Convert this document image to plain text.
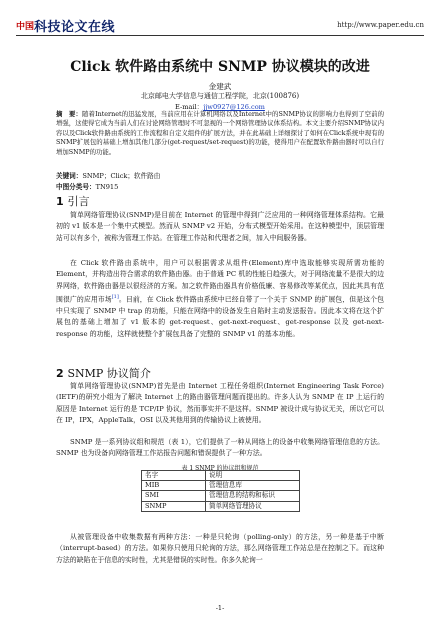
中国 科技论文在线	http://www.paper.edu.cn
Click 软件路由系统中 SNMP 协议模块的改进
金建武
北京邮电大学信息与通信工程学院，北京(100876)
E-mail：jjw0927@126.com
摘　要：随着Internet的迅猛发展，当前应用在计算机网络以及Internet中的SNMP协议的影响力也得到了空前的增强，这使得它成为当前人们在讨论网络管理时不可忽视的一个网络管理协议体系结构。本文主要介绍SNMP协议内容以及Click软件路由系统的工作流程和自定义组件的扩展方法，并在此基础上详细探讨了如何在Click系统中现有的SNMP扩展包的基础上增加其他几部分(get-request/set-request)的功能，使得用户在配置软件路由器时可以自行增加SNMP的功能。
关键词：SNMP；Click；软件路由
中图分类号：TN915
1 引言

简单网络管理协议(SNMP)是目前在 Internet 的管理中得到广泛应用的一种网络管理体系结构。它最初的 v1 版本是一个集中式模型。然而从 SNMP v2 开始，分布式模型开始采用。在这种模型中，顶层管理站可以有多个，被称为管理工作站。在管理工作站和代理者之间，加入中间服务器。

在 Click 软件路由系统中，用户可以根据需求从组件(Element)库中选取能够实现所需功能的 Element，并构造出符合需求的软件路由器。由于普通 PC 机的性能日趋强大，对于网络流量不是很大的边界网络，软件路由器是以很经济的方案。加之软件路由器具有价格低廉、容易修改等某优点，因此其具有范围很广的应用市场[1]。目前，在 Click 软件路由系统中已经自带了一个关于 SNMP 的扩展包，但是这个包中只实现了 SNMP 中 trap 的功能，只能在网络中的设备发生自陷时主动发送报告。因此本文将在这个扩展包的基础上增加了 v1 版本的 get-request、get-next-request、get-response 以及 get-next-response 的功能，这样就使整个扩展包具备了完整的 SNMP v1 的基本功能。

2 SNMP 协议简介

简单网络管理协议(SNMP)首先是由 Internet 工程任务组织(Internet Engineering Task Force)(IETF)的研究小组为了解决 Internet 上的路由器管理问题而提出的。许多人认为 SNMP 在 IP 上运行的原因是 Internet 运行的是 TCP/IP 协议，然而事实并不是这样。SNMP 被设计成与协议无关，所以它可以在 IP，IPX，AppleTalk，OSI 以及其他用到的传输协议上被使用。

SNMP 是一系列协议组和规范（表 1），它们提供了一种从网络上的设备中收集网络管理信息的方法。SNMP 也为设备向网络管理工作站报告问题和错误提供了一种方法。

表 1 SNMP 的协议组和规范
名字	说明
MIB	管理信息库
SMI	管理信息的结构和标识
SNMP	简单网络管理协议

从被管理设备中收集数据有两种方法：一种是只轮询（polling-only）的方法，另一种是基于中断（interrupt-based）的方法。如果你只使用只轮询的方法，那么网络管理工作站总是在控制之下。而这种方法的缺陷在于信息的实时性，尤其是错误的实时性。你多久轮询一

-1-
